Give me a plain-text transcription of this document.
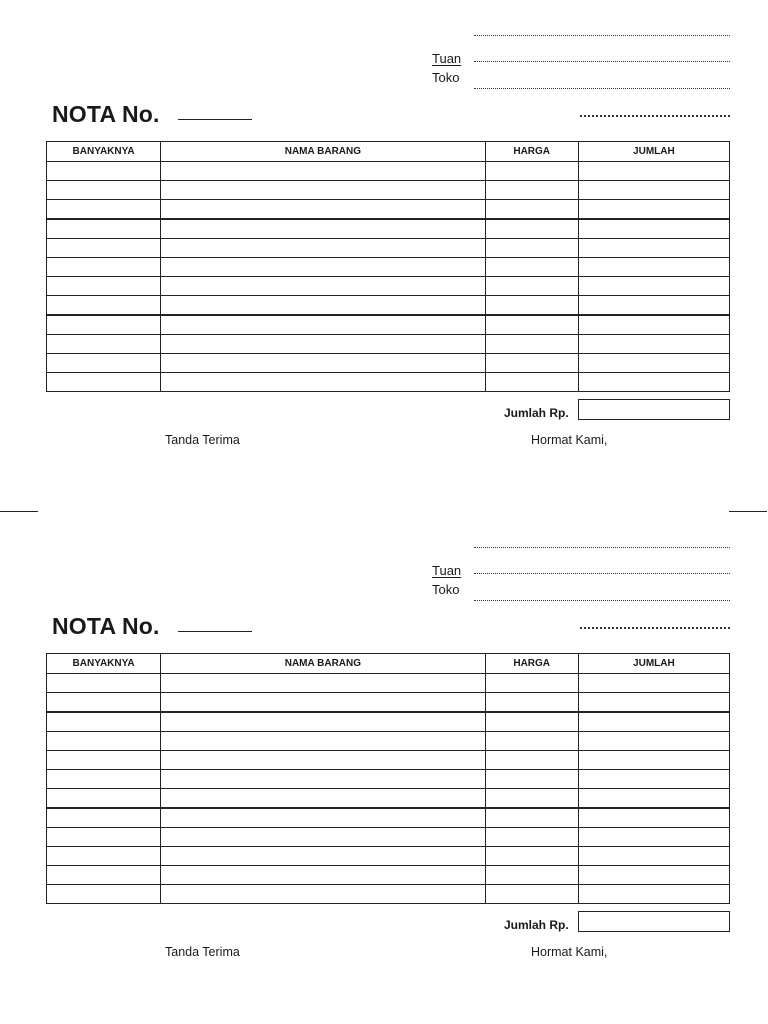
Tuan
Toko
NOTA No.
BANYAKNYA	NAMA BARANG	HARGA	JUMLAH

Jumlah Rp.
Tanda Terima	Hormat Kami,
Tuan
Toko
NOTA No.
BANYAKNYA	NAMA BARANG	HARGA	JUMLAH

Jumlah Rp.
Tanda Terima	Hormat Kami,
